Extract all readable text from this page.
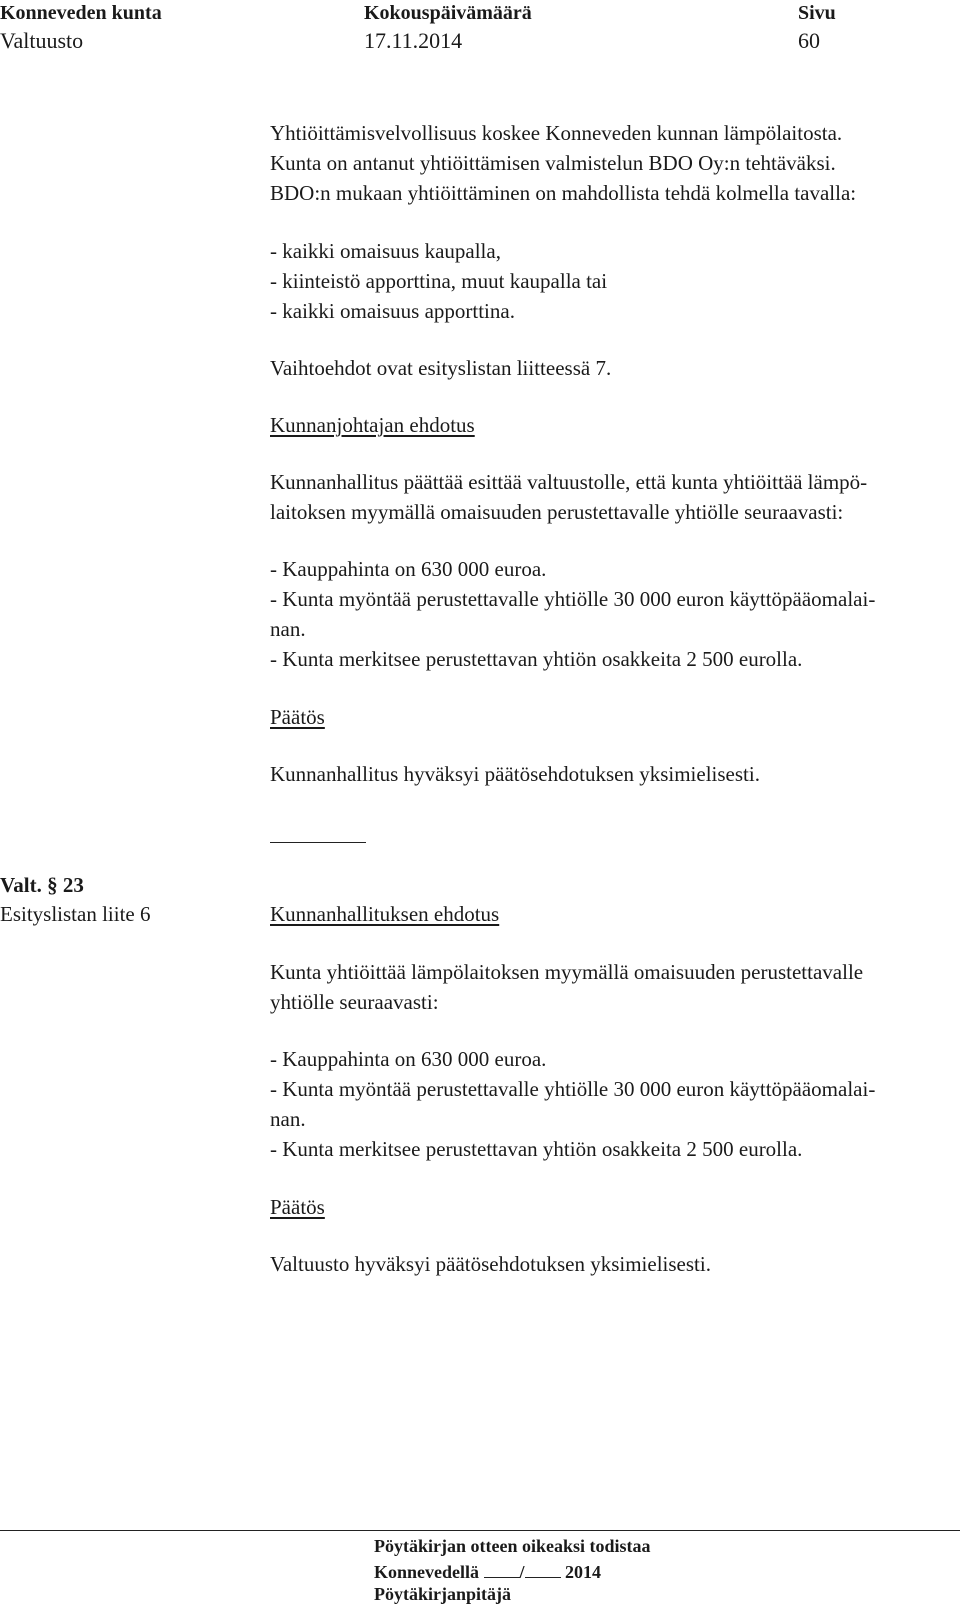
Konneveden kunta
Valtuusto
Kokouspäivämäärä
17.11.2014
Sivu
60
Yhtiöittämisvelvollisuus koskee Konneveden kunnan lämpölaitosta.
Kunta on antanut yhtiöittämisen valmistelun BDO Oy:n tehtäväksi.
BDO:n mukaan yhtiöittäminen on mahdollista tehdä kolmella tavalla:
- kaikki omaisuus kaupalla,
- kiinteistö apporttina, muut kaupalla tai
- kaikki omaisuus apporttina.
Vaihtoehdot ovat esityslistan liitteessä 7.
Kunnanjohtajan ehdotus
Kunnanhallitus päättää esittää valtuustolle, että kunta yhtiöittää lämpö-
laitoksen myymällä omaisuuden perustettavalle yhtiölle seuraavasti:
- Kauppahinta on 630 000 euroa.
- Kunta myöntää perustettavalle yhtiölle 30 000 euron käyttöpääomalai-
nan.
- Kunta merkitsee perustettavan yhtiön osakkeita 2 500 eurolla.
Päätös
Kunnanhallitus hyväksyi päätösehdotuksen yksimielisesti.
Valt. § 23
Esityslistan liite 6	Kunnanhallituksen ehdotus
Kunta yhtiöittää lämpölaitoksen myymällä omaisuuden perustettavalle
yhtiölle seuraavasti:
- Kauppahinta on 630 000 euroa.
- Kunta myöntää perustettavalle yhtiölle 30 000 euron käyttöpääomalai-
nan.
- Kunta merkitsee perustettavan yhtiön osakkeita 2 500 eurolla.
Päätös
Valtuusto hyväksyi päätösehdotuksen yksimielisesti.
Pöytäkirjan otteen oikeaksi todistaa
Konnevedellä / 2014
Pöytäkirjanpitäjä
